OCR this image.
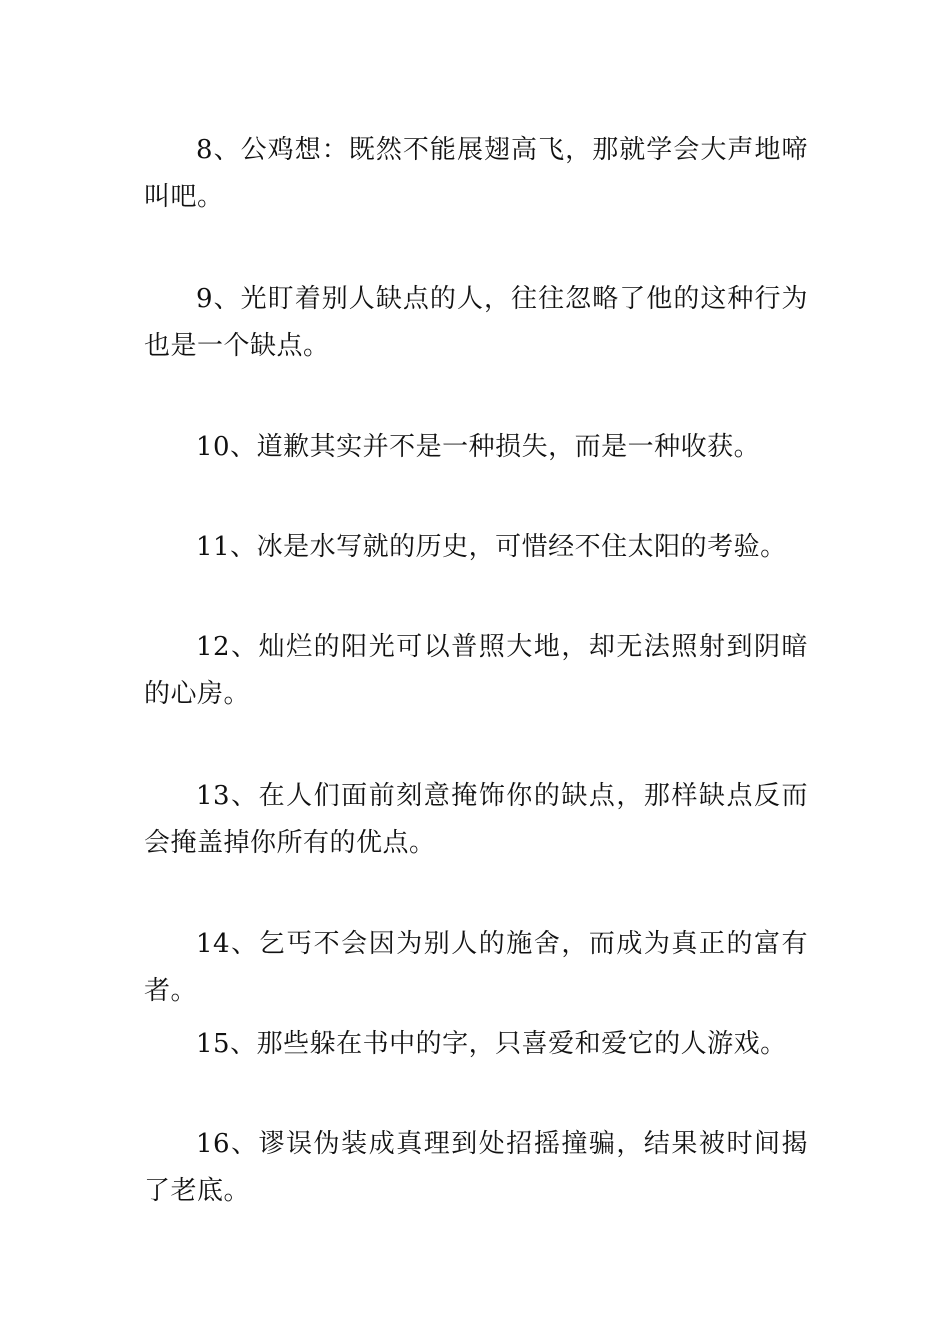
8、公鸡想：既然不能展翅高飞，那就学会大声地啼叫吧。

9、光盯着别人缺点的人，往往忽略了他的这种行为也是一个缺点。

10、道歉其实并不是一种损失，而是一种收获。

11、冰是水写就的历史，可惜经不住太阳的考验。

12、灿烂的阳光可以普照大地，却无法照射到阴暗的心房。

13、在人们面前刻意掩饰你的缺点，那样缺点反而会掩盖掉你所有的优点。

14、乞丐不会因为别人的施舍，而成为真正的富有者。

15、那些躲在书中的字，只喜爱和爱它的人游戏。

16、谬误伪装成真理到处招摇撞骗，结果被时间揭了老底。
